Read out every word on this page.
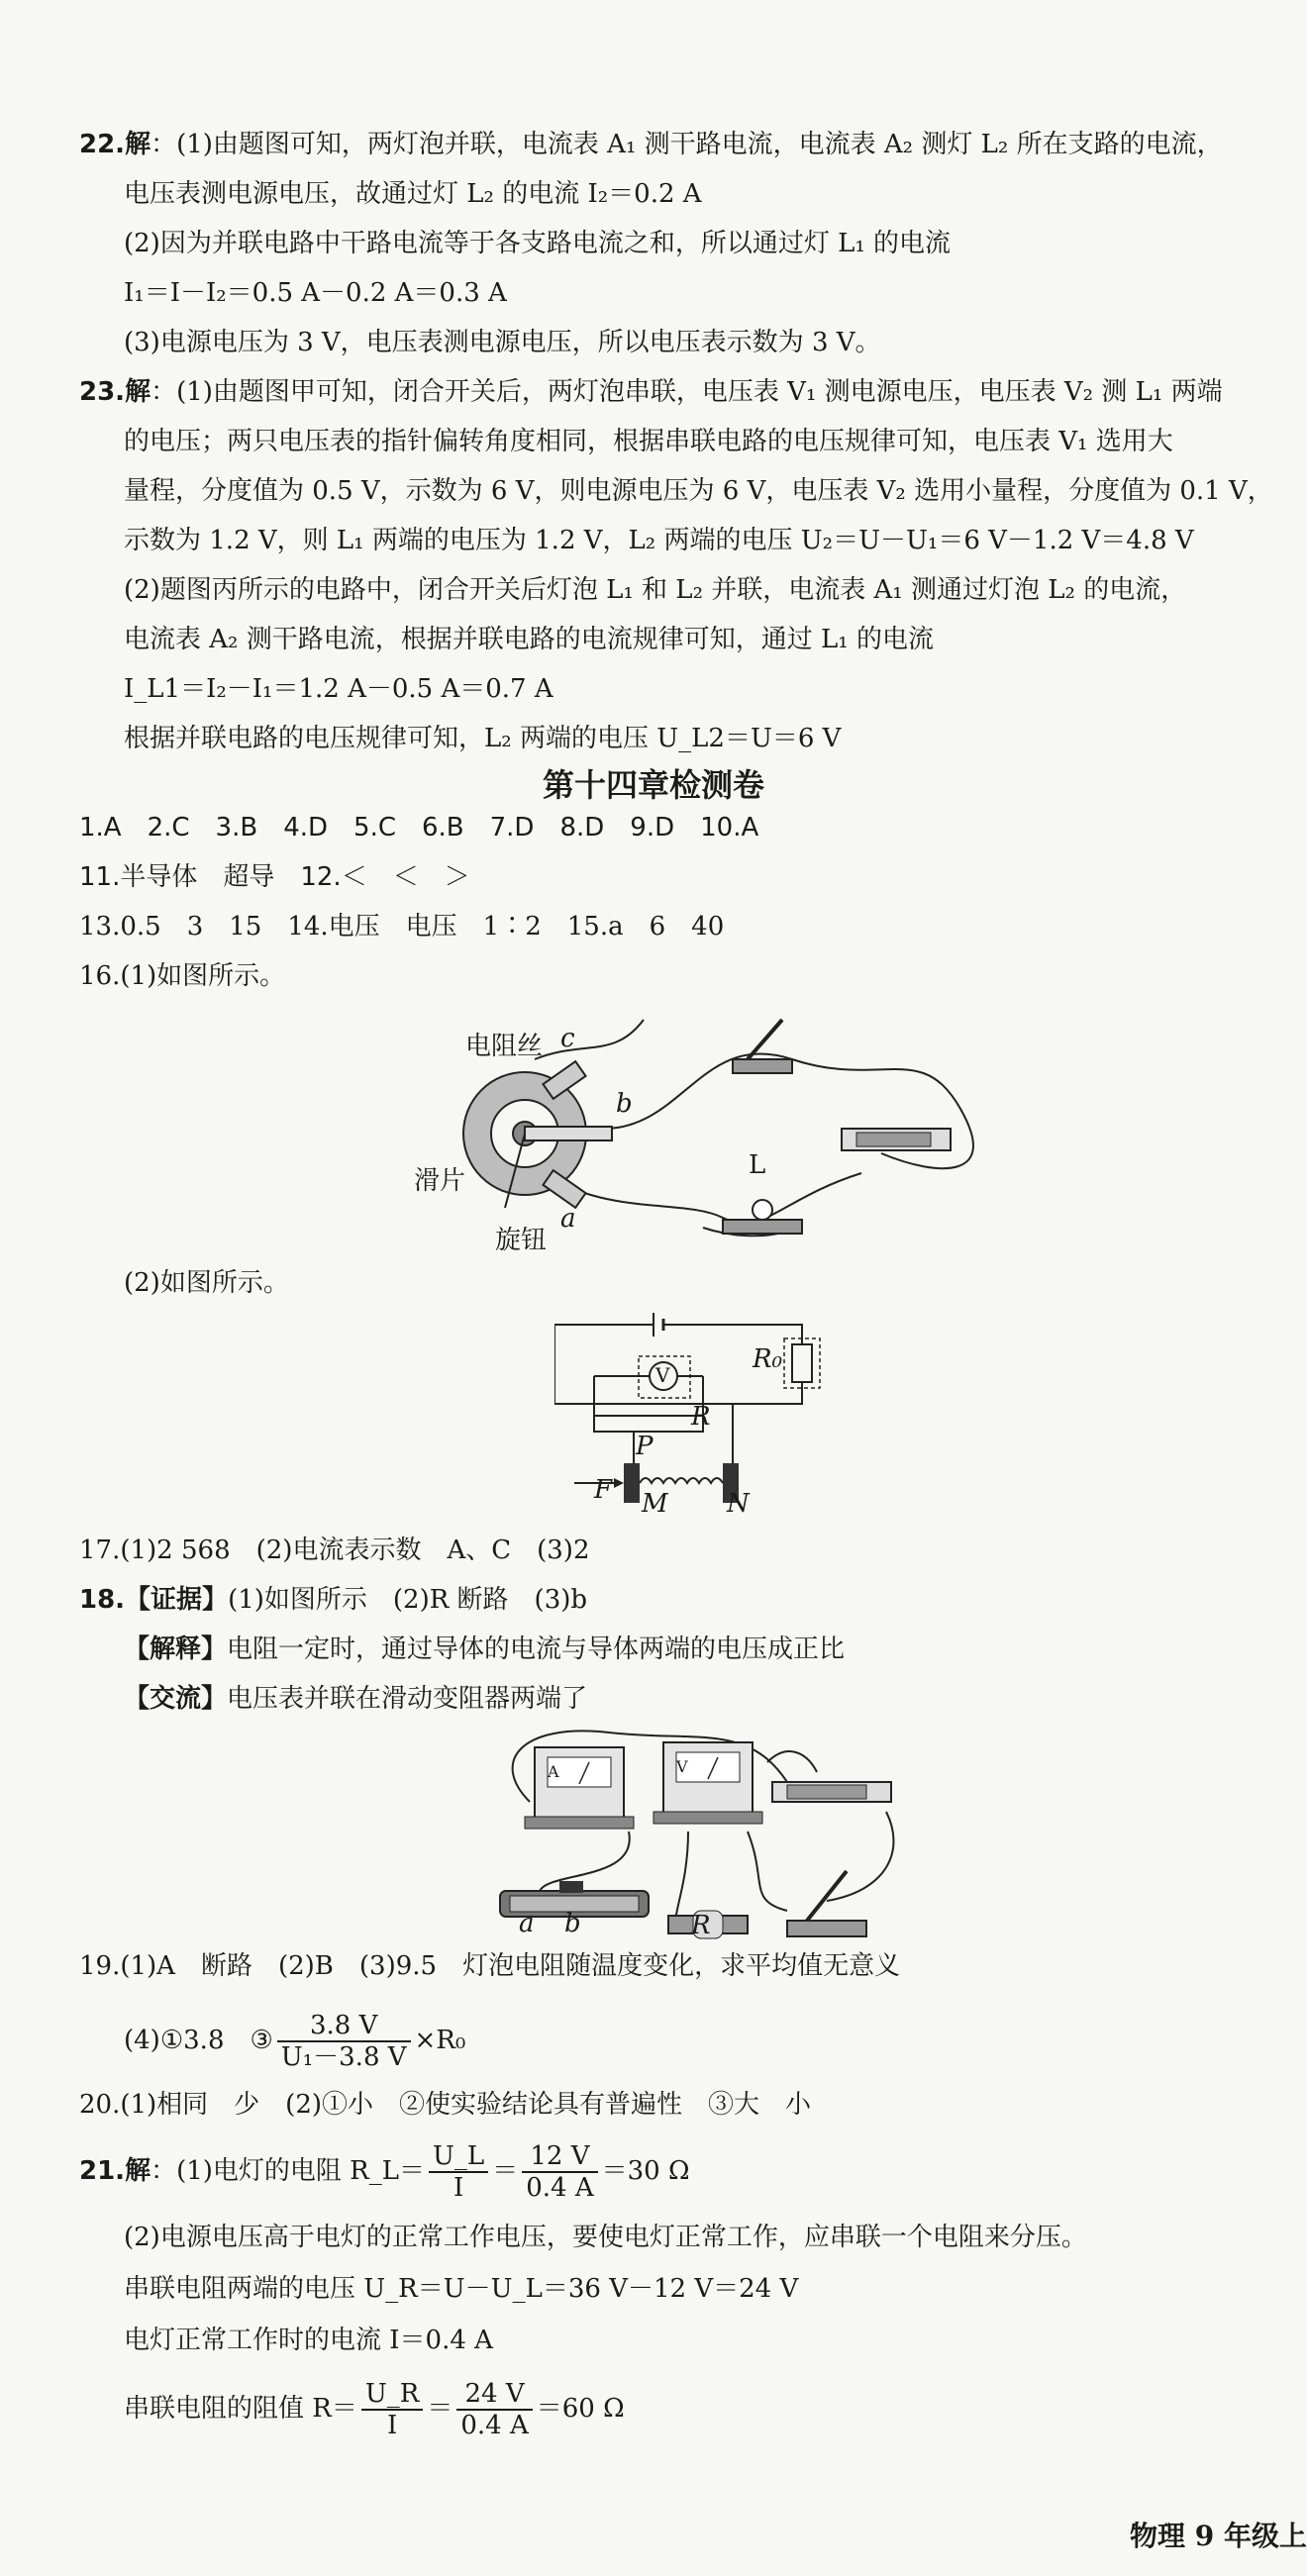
22.解：(1)由题图可知，两灯泡并联，电流表 A₁ 测干路电流，电流表 A₂ 测灯 L₂ 所在支路的电流，
电压表测电源电压，故通过灯 L₂ 的电流 I₂＝0.2 A
(2)因为并联电路中干路电流等于各支路电流之和，所以通过灯 L₁ 的电流
I₁＝I－I₂＝0.5 A－0.2 A＝0.3 A
(3)电源电压为 3 V，电压表测电源电压，所以电压表示数为 3 V。
23.解：(1)由题图甲可知，闭合开关后，两灯泡串联，电压表 V₁ 测电源电压，电压表 V₂ 测 L₁ 两端
的电压；两只电压表的指针偏转角度相同，根据串联电路的电压规律可知，电压表 V₁ 选用大
量程，分度值为 0.5 V，示数为 6 V，则电源电压为 6 V，电压表 V₂ 选用小量程，分度值为 0.1 V，
示数为 1.2 V，则 L₁ 两端的电压为 1.2 V，L₂ 两端的电压 U₂＝U－U₁＝6 V－1.2 V＝4.8 V
(2)题图丙所示的电路中，闭合开关后灯泡 L₁ 和 L₂ 并联，电流表 A₁ 测通过灯泡 L₂ 的电流，
电流表 A₂ 测干路电流，根据并联电路的电流规律可知，通过 L₁ 的电流
I_L1＝I₂－I₁＝1.2 A－0.5 A＝0.7 A
根据并联电路的电压规律可知，L₂ 两端的电压 U_L2＝U＝6 V
第十四章检测卷
1.A　2.C　3.B　4.D　5.C　6.B　7.D　8.D　9.D　10.A
11.半导体　超导　12.＜　＜　＞
13.0.5　3　15　14.电压　电压　1∶2　15.a　6　40
16.(1)如图所示。
电阻丝 c
b
滑片
旋钮
a
L
(2)如图所示。
R₀
V
R
P
F M N
17.(1)2 568　(2)电流表示数　A、C　(3)2
18.【证据】(1)如图所示　(2)R 断路　(3)b
【解释】电阻一定时，通过导体的电流与导体两端的电压成正比
【交流】电压表并联在滑动变阻器两端了
A	V
a b	R
19.(1)A　断路　(2)B　(3)9.5　灯泡电阻随温度变化，求平均值无意义
(4)①3.8　③ $\frac{3.8 V}{\text{U₁－3.8 V}} \times R_0$
20.(1)相同　少　(2)①小　②使实验结论具有普遍性　③大　小
21.解：(1)电灯的电阻 R_L＝ $\frac{U\_L}{I} = \frac{12 V}{0.4 A} =30$ Ω
(2)电源电压高于电灯的正常工作电压，要使电灯正常工作，应串联一个电阻来分压。
串联电阻两端的电压 U_R＝U－U_L＝36 V－12 V＝24 V
电灯正常工作时的电流 I＝0.4 A
串联电阻的阻值 $R= \frac{U\_R}{I} = \frac{24 V}{0.4 A} =60$ Ω
物理 9 年级上
